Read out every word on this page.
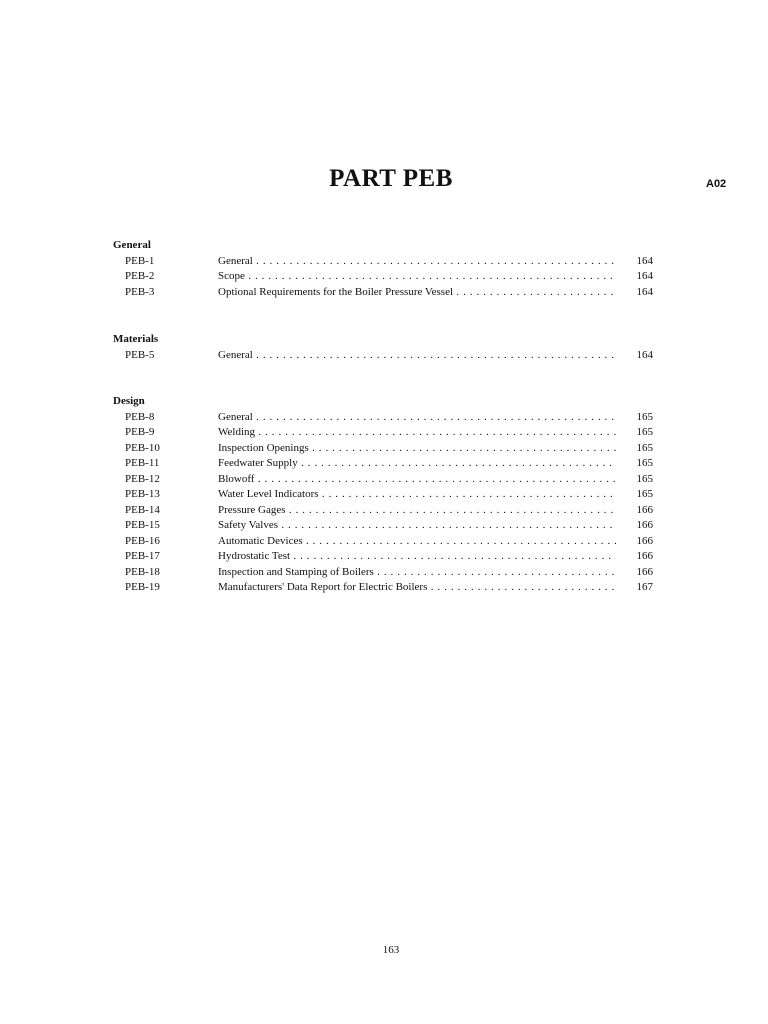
PART PEB	A02
General
PEB-1	General . . .	164
PEB-2	Scope . . .	164
PEB-3	Optional Requirements for the Boiler Pressure Vessel . . .	164
Materials
PEB-5	General . . .	164
Design
PEB-8	General . . .	165
PEB-9	Welding . . .	165
PEB-10	Inspection Openings . . .	165
PEB-11	Feedwater Supply . . .	165
PEB-12	Blowoff . . .	165
PEB-13	Water Level Indicators . . .	165
PEB-14	Pressure Gages . . .	166
PEB-15	Safety Valves . . .	166
PEB-16	Automatic Devices . . .	166
PEB-17	Hydrostatic Test . . .	166
PEB-18	Inspection and Stamping of Boilers . . .	166
PEB-19	Manufacturers' Data Report for Electric Boilers . . .	167
163
